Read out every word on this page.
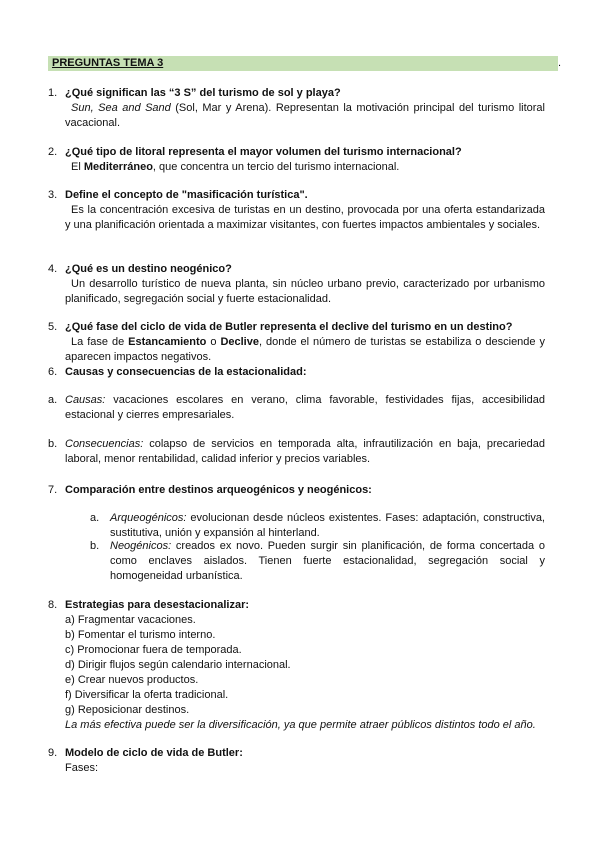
PREGUNTAS TEMA 3	.
1. ¿Qué significan las “3 S” del turismo de sol y playa?
Sun, Sea and Sand (Sol, Mar y Arena). Representan la motivación principal del turismo litoral vacacional.
2. ¿Qué tipo de litoral representa el mayor volumen del turismo internacional?
El Mediterráneo, que concentra un tercio del turismo internacional.
3. Define el concepto de "masificación turística".
Es la concentración excesiva de turistas en un destino, provocada por una oferta estandarizada y una planificación orientada a maximizar visitantes, con fuertes impactos ambientales y sociales.
4. ¿Qué es un destino neogénico?
Un desarrollo turístico de nueva planta, sin núcleo urbano previo, caracterizado por urbanismo planificado, segregación social y fuerte estacionalidad.
5. ¿Qué fase del ciclo de vida de Butler representa el declive del turismo en un destino?
La fase de Estancamiento o Declive, donde el número de turistas se estabiliza o desciende y aparecen impactos negativos.
6. Causas y consecuencias de la estacionalidad:
a. Causas: vacaciones escolares en verano, clima favorable, festividades fijas, accesibilidad estacional y cierres empresariales.
b. Consecuencias: colapso de servicios en temporada alta, infrautilización en baja, precariedad laboral, menor rentabilidad, calidad inferior y precios variables.
7. Comparación entre destinos arqueogénicos y neogénicos:
a. Arqueogénicos: evolucionan desde núcleos existentes. Fases: adaptación, constructiva, sustitutiva, unión y expansión al hinterland.
b. Neogénicos: creados ex novo. Pueden surgir sin planificación, de forma concertada o como enclaves aislados. Tienen fuerte estacionalidad, segregación social y homogeneidad urbanística.
8. Estrategias para desestacionalizar:
a) Fragmentar vacaciones.
b) Fomentar el turismo interno.
c) Promocionar fuera de temporada.
d) Dirigir flujos según calendario internacional.
e) Crear nuevos productos.
f) Diversificar la oferta tradicional.
g) Reposicionar destinos.
La más efectiva puede ser la diversificación, ya que permite atraer públicos distintos todo el año.
9. Modelo de ciclo de vida de Butler:
Fases:
